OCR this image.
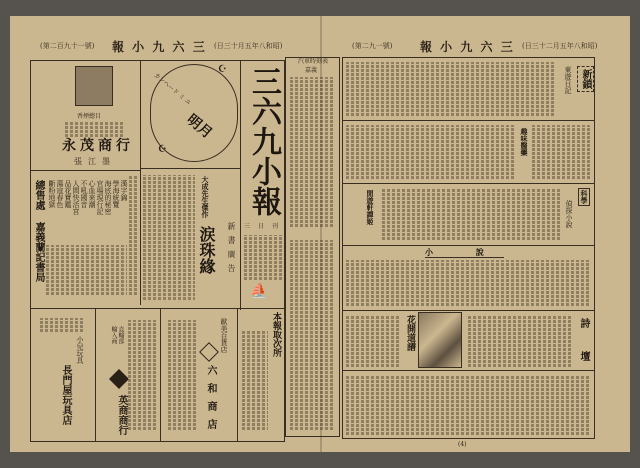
(第二百九十一號) 報 小 九 六 三 (日三十月五年八和昭)
香煙總目
永茂商行
張江墨
明月
カンヘード ミ ユ
☪
☪	三六九小報
三日刊
⛵
漢字錦
學海統覽
海底的秘密
官場現行記
心血來潮
不吼國音
人間快活宮
品花寶鑑
蕩寇春色
斷粉地獄
總售處
嘉義蘭記書局
大成先生傑作
涙珠緣 新書廣告
長門屋玩具店
小兒玩具
英商商行
直輸部 輸入商
六和商店
歐美百貨店	本報取次所
(第二九一號) 報 小 九 六 三 (日三十二月五年八和昭)
汽車時刻表
嘉義	新鎖
東遊日記
趣味醫藥
閒遊軒譚姬	科學
偵探小說
小 說
花開道譜	詩 壇
(4)
